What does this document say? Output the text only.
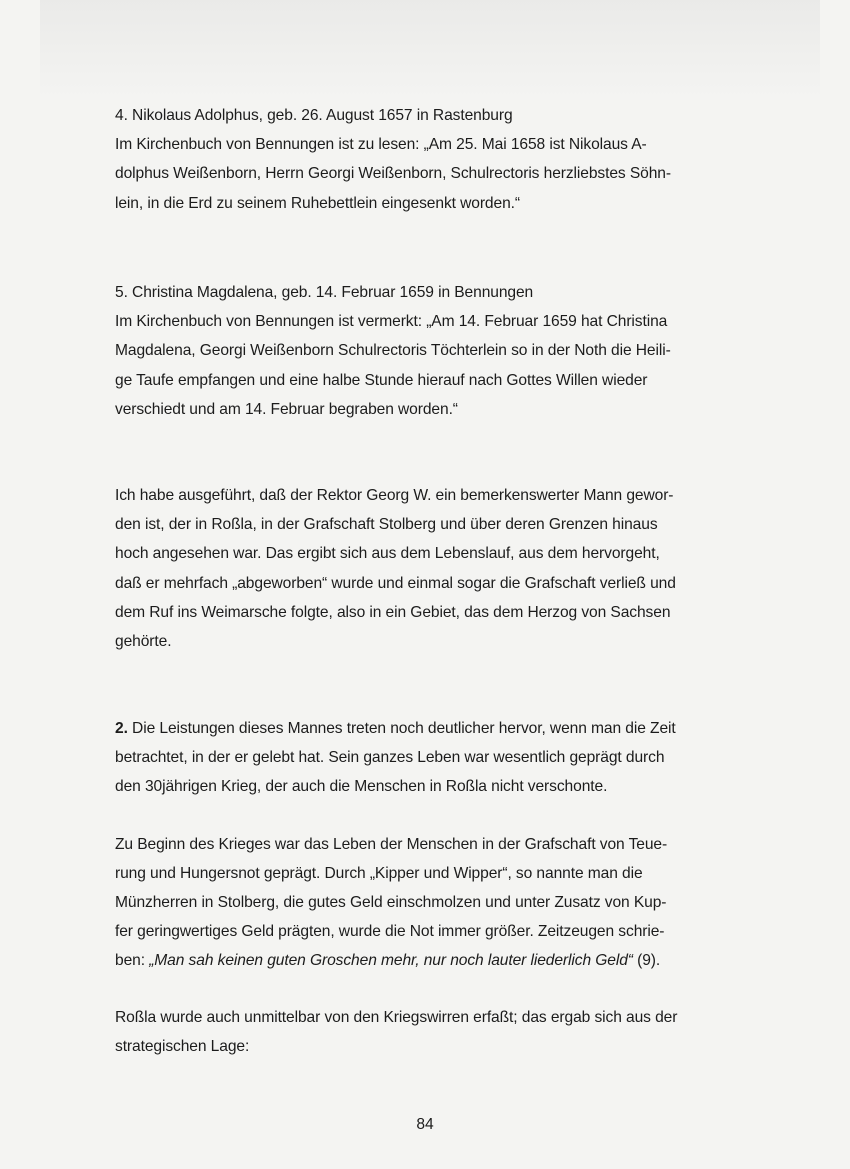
4. Nikolaus Adolphus, geb. 26. August 1657 in Rastenburg
Im Kirchenbuch von Bennungen ist zu lesen: „Am 25. Mai 1658 ist Nikolaus A-
dolphus Weißenborn, Herrn Georgi Weißenborn, Schulrectoris herzliebstes Söhn-
lein, in die Erd zu seinem Ruhebettlein eingesenkt worden.“
5. Christina Magdalena, geb. 14. Februar 1659 in Bennungen
Im Kirchenbuch von Bennungen ist vermerkt: „Am 14. Februar 1659 hat Christina
Magdalena, Georgi Weißenborn Schulrectoris Töchterlein so in der Noth die Heili-
ge Taufe empfangen und eine halbe Stunde hierauf nach Gottes Willen wieder
verschiedt und am 14. Februar begraben worden.“
Ich habe ausgeführt, daß der Rektor Georg W. ein bemerkenswerter Mann gewor-
den ist, der in Roßla, in der Grafschaft Stolberg und über deren Grenzen hinaus
hoch angesehen war. Das ergibt sich aus dem Lebenslauf, aus dem hervorgeht,
daß er mehrfach „abgeworben“ wurde und einmal sogar die Grafschaft verließ und
dem Ruf ins Weimarsche folgte, also in ein Gebiet, das dem Herzog von Sachsen
gehörte.
2. Die Leistungen dieses Mannes treten noch deutlicher hervor, wenn man die Zeit
betrachtet, in der er gelebt hat. Sein ganzes Leben war wesentlich geprägt durch
den 30jährigen Krieg, der auch die Menschen in Roßla nicht verschonte.
Zu Beginn des Krieges war das Leben der Menschen in der Grafschaft von Teue-
rung und Hungersnot geprägt. Durch „Kipper und Wipper“, so nannte man die
Münzherren in Stolberg, die gutes Geld einschmolzen und unter Zusatz von Kup-
fer geringwertiges Geld prägten, wurde die Not immer größer. Zeitzeugen schrie-
ben: „Man sah keinen guten Groschen mehr, nur noch lauter liederlich Geld“ (9).
Roßla wurde auch unmittelbar von den Kriegswirren erfaßt; das ergab sich aus der
strategischen Lage:
84
